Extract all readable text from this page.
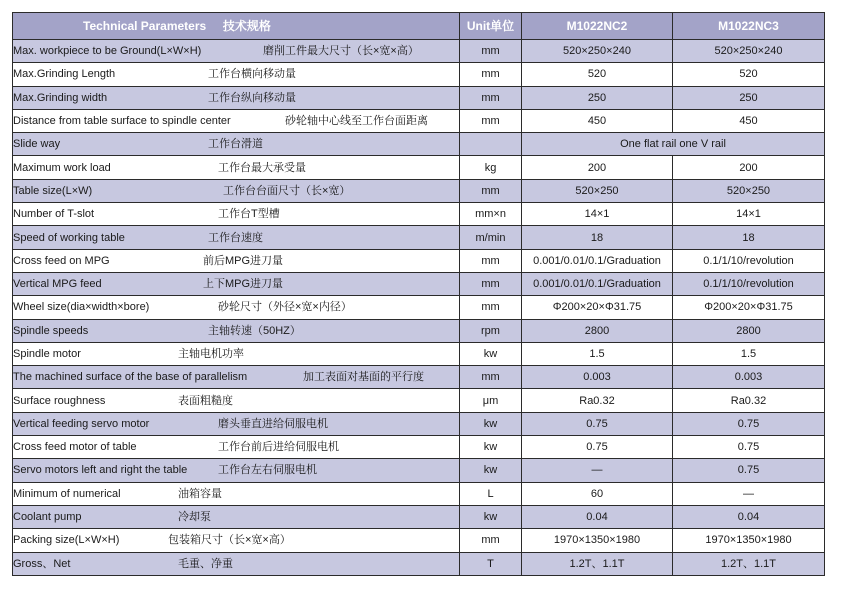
Technical Parameters 技术规格	Unit单位	M1022NC2	M1022NC3
Max. workpiece to be Ground(L×W×H) 磨削工件最大尺寸（长×宽×高）	mm	520×250×240	520×250×240
Max.Grinding Length 工作台横向移动量	mm	520	520
Max.Grinding width 工作台纵向移动量	mm	250	250
Distance from table surface to spindle center 砂轮轴中心线至工作台面距离	mm	450	450
Slide way 工作台滑道		One flat rail one V rail	
Maximum work load 工作台最大承受量	kg	200	200
Table size(L×W) 工作台台面尺寸（长×宽）	mm	520×250	520×250
Number of T-slot 工作台T型槽	mm×n	14×1	14×1
Speed of working table 工作台速度	m/min	18	18
Cross feed on MPG 前后MPG进刀量	mm	0.001/0.01/0.1/Graduation	0.1/1/10/revolution
Vertical MPG feed 上下MPG进刀量	mm	0.001/0.01/0.1/Graduation	0.1/1/10/revolution
Wheel size(dia×width×bore) 砂轮尺寸（外径×宽×内径）	mm	Φ200×20×Φ31.75	Φ200×20×Φ31.75
Spindle speeds 主轴转速（50HZ）	rpm	2800	2800
Spindle motor 主轴电机功率	kw	1.5	1.5
The machined surface of the base of parallelism 加工表面对基面的平行度	mm	0.003	0.003
Surface roughness 表面粗糙度	μm	Ra0.32	Ra0.32
Vertical feeding servo motor 磨头垂直进给伺服电机	kw	0.75	0.75
Cross feed motor of table 工作台前后进给伺服电机	kw	0.75	0.75
Servo motors left and right the table 工作台左右伺服电机	kw	—	0.75
Minimum of numerical 油箱容量	L	60	—
Coolant pump 冷却泵	kw	0.04	0.04
Packing size(L×W×H) 包装箱尺寸（长×宽×高）	mm	1970×1350×1980	1970×1350×1980
Gross、Net 毛重、净重	T	1.2T、1.1T	1.2T、1.1T
